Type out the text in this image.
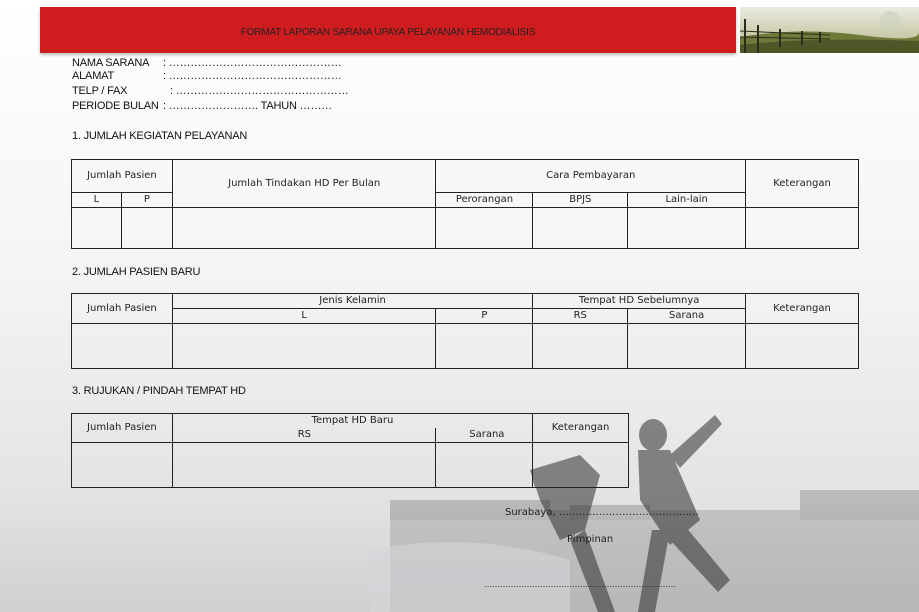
FORMAT LAPORAN SARANA UPAYA PELAYANAN HEMODIALISIS
NAMA SARANA : …………………………………………
ALAMAT	: …………………………………………
TELP / FAX	: …………………………………………
PERIODE BULAN : ……………………. TAHUN ………
1. JUMLAH KEGIATAN PELAYANAN
Jumlah Pasien		Jumlah Tindakan HD Per Bulan	Cara Pembayaran			Keterangan
L	P		Perorangan	BPJS	Lain-lain	

2. JUMLAH PASIEN BARU
Jumlah Pasien	Jenis Kelamin		Tempat HD Sebelumnya		Keterangan
	L	P	RS	Sarana	

3. RUJUKAN / PINDAH TEMPAT HD
Jumlah Pasien	Tempat HD Baru		Keterangan
	RS	Sarana	

Surabaya, ……………………………………
Pimpinan
………………………………………………………………
